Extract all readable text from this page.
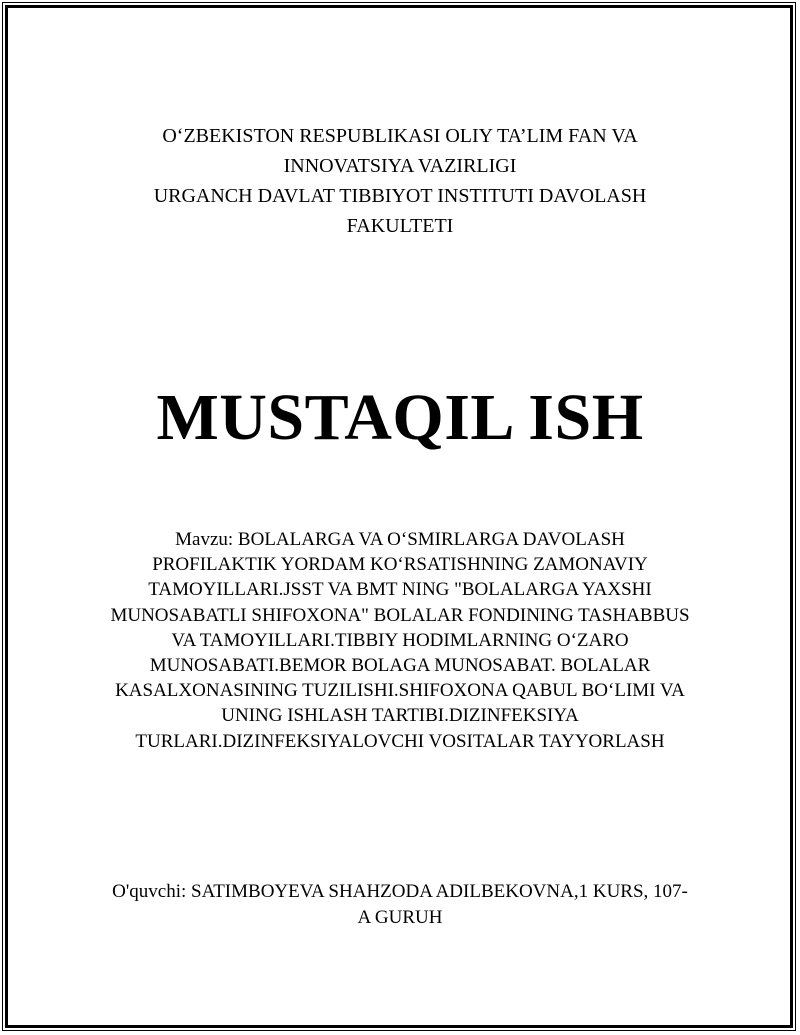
O‘ZBEKISTON RESPUBLIKASI OLIY TA’LIM FAN VA
INNOVATSIYA VAZIRLIGI
URGANCH DAVLAT TIBBIYOT INSTITUTI DAVOLASH
FAKULTETI
MUSTAQIL ISH
Mavzu: BOLALARGA VA O‘SMIRLARGA DAVOLASH
PROFILAKTIK YORDAM KO‘RSATISHNING ZAMONAVIY
TAMOYILLARI.JSST VA BMT NING "BOLALARGA YAXSHI
MUNOSABATLI SHIFOXONA" BOLALAR FONDINING TASHABBUS
VA TAMOYILLARI.TIBBIY HODIMLARNING O‘ZARO
MUNOSABATI.BEMOR BOLAGA MUNOSABAT. BOLALAR
KASALXONASINING TUZILISHI.SHIFOXONA QABUL BO‘LIMI VA
UNING ISHLASH TARTIBI.DIZINFEKSIYA
TURLARI.DIZINFEKSIYALOVCHI VOSITALAR TAYYORLASH
O'quvchi: SATIMBOYEVA SHAHZODA ADILBEKOVNA,1 KURS, 107-
A GURUH
